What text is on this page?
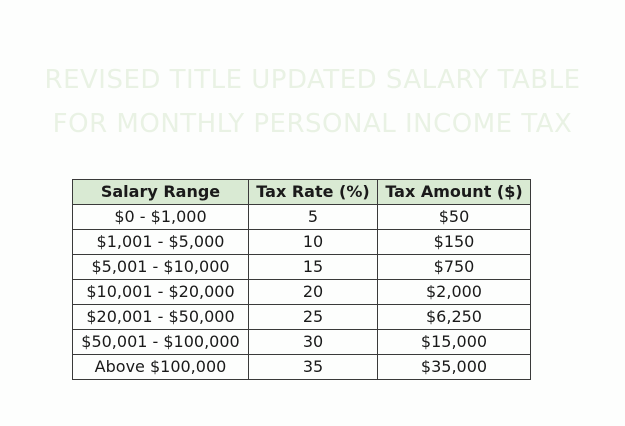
REVISED TITLE UPDATED SALARY TABLE
FOR MONTHLY PERSONAL INCOME TAX
Salary Range	Tax Rate (%)	Tax Amount ($)
$0 - $1,000	5	$50
$1,001 - $5,000	10	$150
$5,001 - $10,000	15	$750
$10,001 - $20,000	20	$2,000
$20,001 - $50,000	25	$6,250
$50,001 - $100,000	30	$15,000
Above $100,000	35	$35,000
